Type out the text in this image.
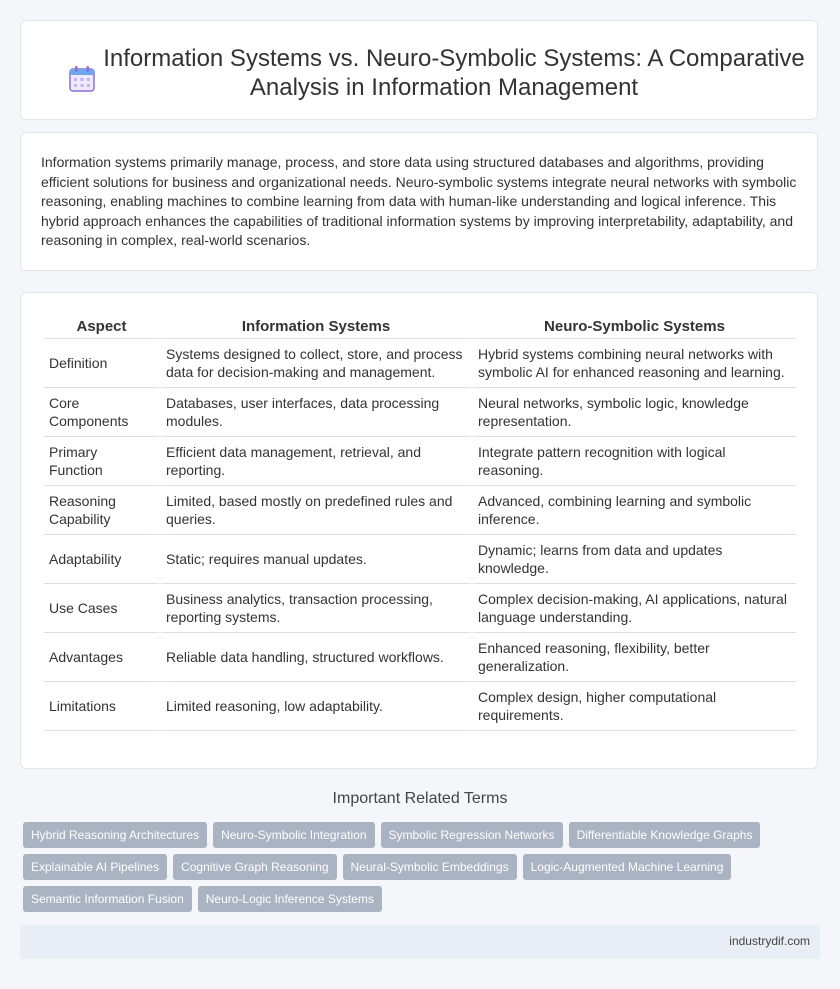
Information Systems vs. Neuro-Symbolic Systems: A Comparative Analysis in Information Management

Information systems primarily manage, process, and store data using structured databases and algorithms, providing efficient solutions for business and organizational needs. Neuro-symbolic systems integrate neural networks with symbolic reasoning, enabling machines to combine learning from data with human-like understanding and logical inference. This hybrid approach enhances the capabilities of traditional information systems by improving interpretability, adaptability, and reasoning in complex, real-world scenarios.

Aspect	Information Systems	Neuro-Symbolic Systems
Definition	Systems designed to collect, store, and process data for decision-making and management.	Hybrid systems combining neural networks with symbolic AI for enhanced reasoning and learning.
Core Components	Databases, user interfaces, data processing modules.	Neural networks, symbolic logic, knowledge representation.
Primary Function	Efficient data management, retrieval, and reporting.	Integrate pattern recognition with logical reasoning.
Reasoning Capability	Limited, based mostly on predefined rules and queries.	Advanced, combining learning and symbolic inference.
Adaptability	Static; requires manual updates.	Dynamic; learns from data and updates knowledge.
Use Cases	Business analytics, transaction processing, reporting systems.	Complex decision-making, AI applications, natural language understanding.
Advantages	Reliable data handling, structured workflows.	Enhanced reasoning, flexibility, better generalization.
Limitations	Limited reasoning, low adaptability.	Complex design, higher computational requirements.
Important Related Terms
Hybrid Reasoning Architectures	Neuro-Symbolic Integration	Symbolic Regression Networks	Differentiable Knowledge Graphs
Explainable AI Pipelines	Cognitive Graph Reasoning	Neural-Symbolic Embeddings	Logic-Augmented Machine Learning
Semantic Information Fusion	Neuro-Logic Inference Systems
industrydif.com
